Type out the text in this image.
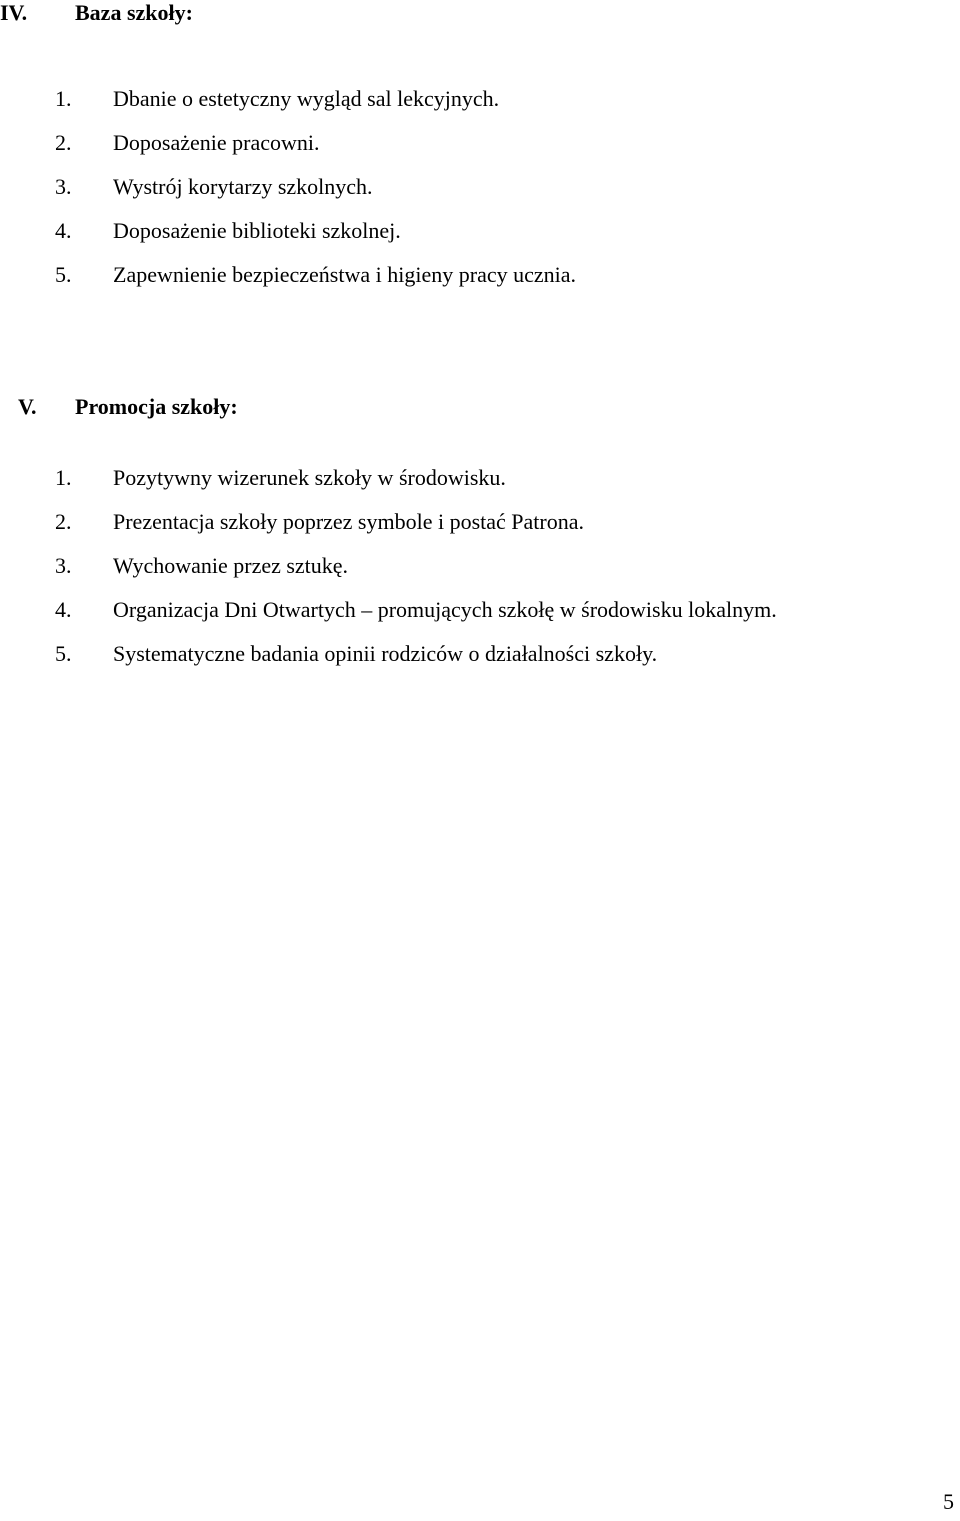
IV. Baza szkoły:
1. Dbanie o estetyczny wygląd sal lekcyjnych.
2. Doposażenie pracowni.
3. Wystrój korytarzy szkolnych.
4. Doposażenie biblioteki szkolnej.
5. Zapewnienie bezpieczeństwa i higieny pracy ucznia.
V. Promocja szkoły:
1. Pozytywny wizerunek szkoły w środowisku.
2. Prezentacja szkoły poprzez symbole i postać Patrona.
3. Wychowanie przez sztukę.
4. Organizacja Dni Otwartych – promujących szkołę w środowisku lokalnym.
5. Systematyczne badania opinii rodziców o działalności szkoły.
5
